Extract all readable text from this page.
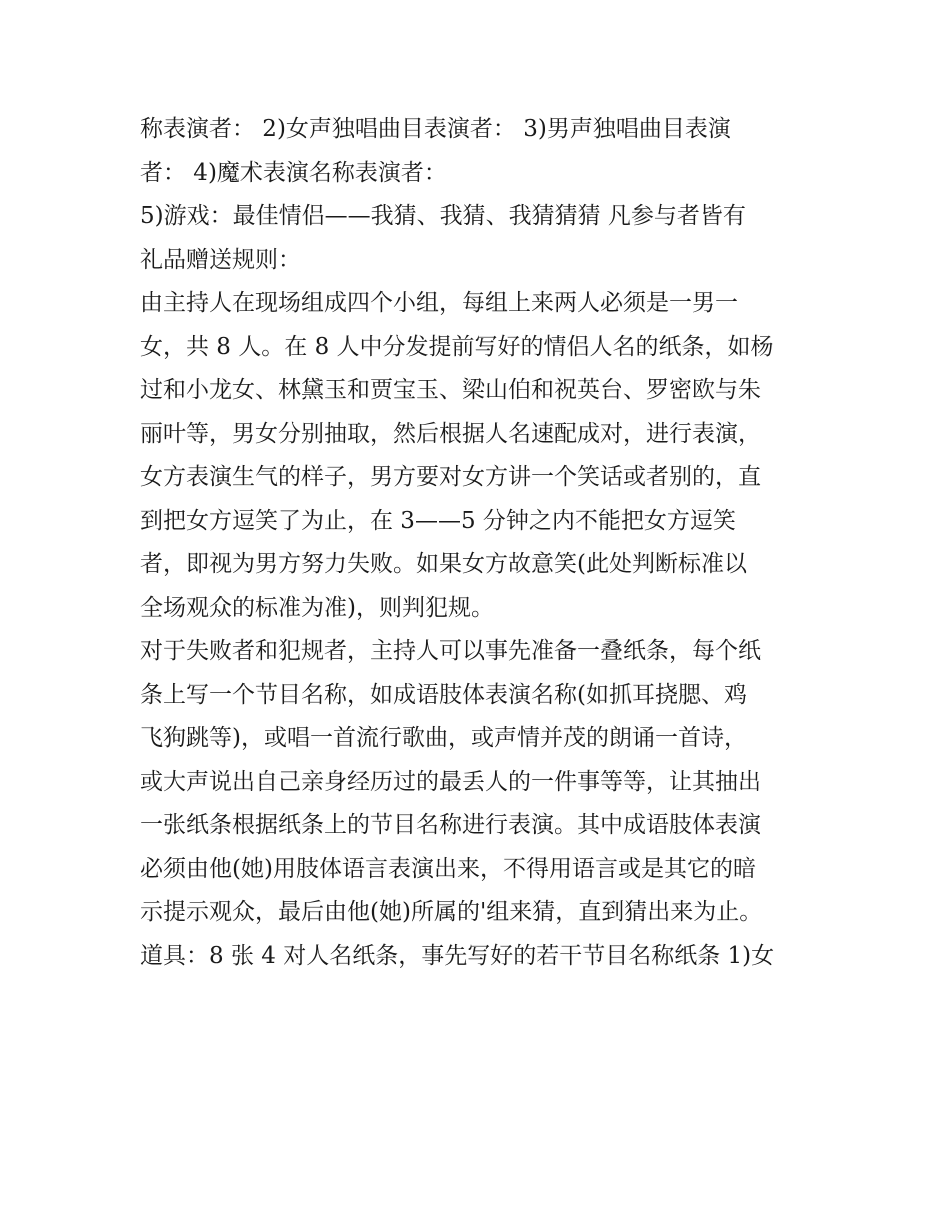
称表演者： 2)女声独唱曲目表演者： 3)男声独唱曲目表演
者： 4)魔术表演名称表演者：
5)游戏：最佳情侣——我猜、我猜、我猜猜猜 凡参与者皆有
礼品赠送规则：
由主持人在现场组成四个小组，每组上来两人必须是一男一
女，共 8 人。在 8 人中分发提前写好的情侣人名的纸条，如杨
过和小龙女、林黛玉和贾宝玉、梁山伯和祝英台、罗密欧与朱
丽叶等，男女分别抽取，然后根据人名速配成对，进行表演，
女方表演生气的样子，男方要对女方讲一个笑话或者别的，直
到把女方逗笑了为止，在 3——5 分钟之内不能把女方逗笑
者，即视为男方努力失败。如果女方故意笑(此处判断标准以
全场观众的标准为准)，则判犯规。
对于失败者和犯规者，主持人可以事先准备一叠纸条，每个纸
条上写一个节目名称，如成语肢体表演名称(如抓耳挠腮、鸡
飞狗跳等)，或唱一首流行歌曲，或声情并茂的朗诵一首诗，
或大声说出自己亲身经历过的最丢人的一件事等等，让其抽出
一张纸条根据纸条上的节目名称进行表演。其中成语肢体表演
必须由他(她)用肢体语言表演出来，不得用语言或是其它的暗
示提示观众，最后由他(她)所属的'组来猜，直到猜出来为止。
道具：8 张 4 对人名纸条，事先写好的若干节目名称纸条 1)女
